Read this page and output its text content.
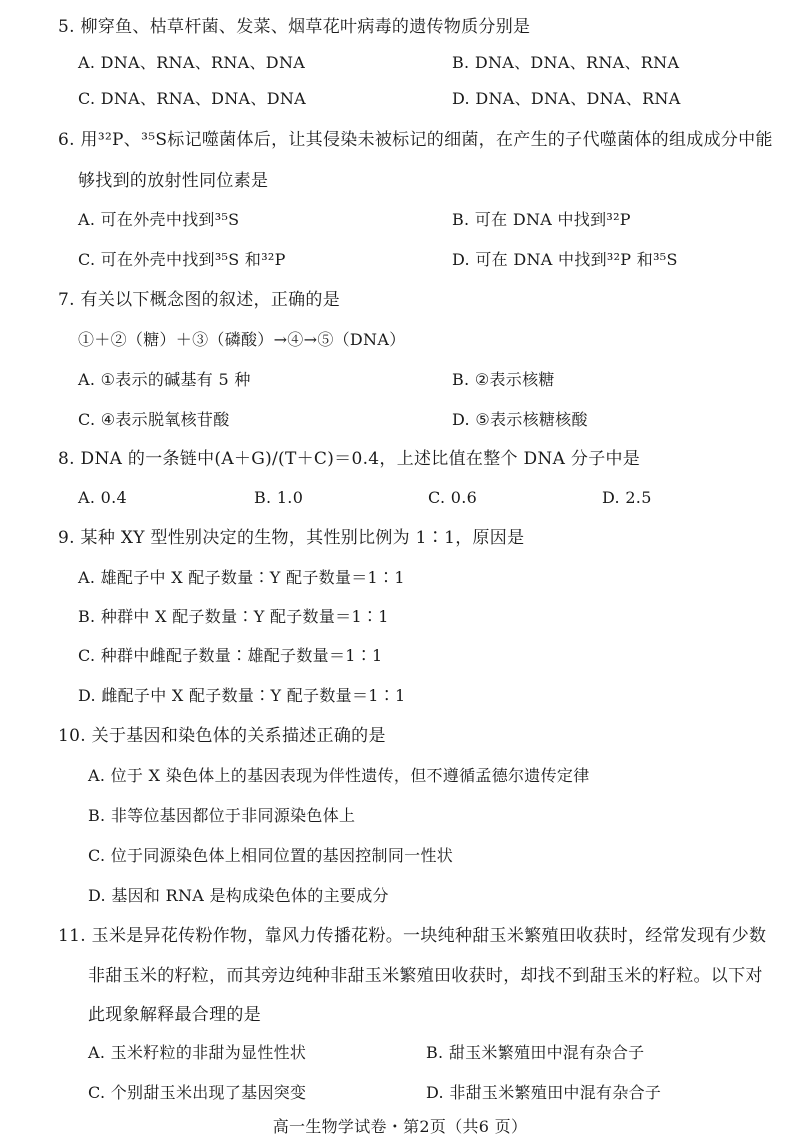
5. 柳穿鱼、枯草杆菌、发菜、烟草花叶病毒的遗传物质分别是
A. DNA、RNA、RNA、DNA	B. DNA、DNA、RNA、RNA
C. DNA、RNA、DNA、DNA	D. DNA、DNA、DNA、RNA
6. 用³²P、³⁵S标记噬菌体后，让其侵染未被标记的细菌，在产生的子代噬菌体的组成成分中能
够找到的放射性同位素是
A. 可在外壳中找到³⁵S	B. 可在 DNA 中找到³²P
C. 可在外壳中找到³⁵S 和³²P	D. 可在 DNA 中找到³²P 和³⁵S
7. 有关以下概念图的叙述，正确的是
①＋②（糖）＋③（磷酸）→④→⑤（DNA）
A. ①表示的碱基有 5 种	B. ②表示核糖
C. ④表示脱氧核苷酸	D. ⑤表示核糖核酸
8. DNA 的一条链中(A＋G)/(T＋C)＝0.4，上述比值在整个 DNA 分子中是
A. 0.4	B. 1.0	C. 0.6	D. 2.5
9. 某种 XY 型性别决定的生物，其性别比例为 1∶1，原因是
A. 雄配子中 X 配子数量∶Y 配子数量＝1∶1
B. 种群中 X 配子数量∶Y 配子数量＝1∶1
C. 种群中雌配子数量∶雄配子数量＝1∶1
D. 雌配子中 X 配子数量∶Y 配子数量＝1∶1
10. 关于基因和染色体的关系描述正确的是
A. 位于 X 染色体上的基因表现为伴性遗传，但不遵循孟德尔遗传定律
B. 非等位基因都位于非同源染色体上
C. 位于同源染色体上相同位置的基因控制同一性状
D. 基因和 RNA 是构成染色体的主要成分
11. 玉米是异花传粉作物，靠风力传播花粉。一块纯种甜玉米繁殖田收获时，经常发现有少数
非甜玉米的籽粒，而其旁边纯种非甜玉米繁殖田收获时，却找不到甜玉米的籽粒。以下对
此现象解释最合理的是
A. 玉米籽粒的非甜为显性性状	B. 甜玉米繁殖田中混有杂合子
C. 个别甜玉米出现了基因突变	D. 非甜玉米繁殖田中混有杂合子
高一生物学试卷・第2页（共6 页）
